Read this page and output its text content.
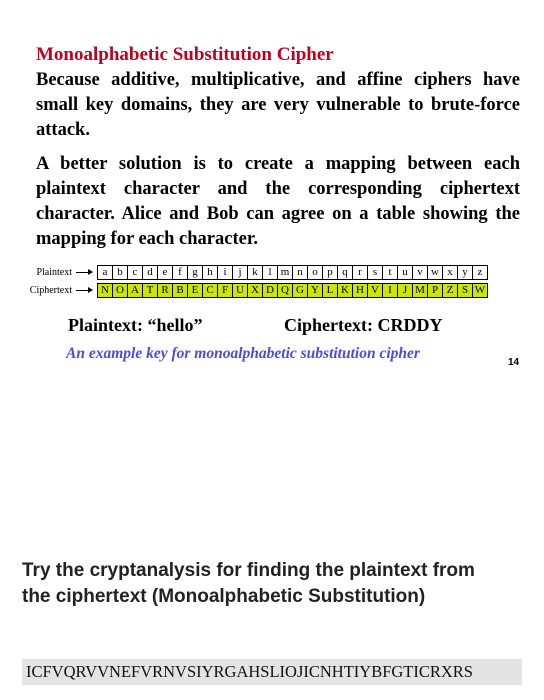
Monoalphabetic Substitution Cipher

Because additive, multiplicative, and affine ciphers have small key domains, they are very vulnerable to brute-force attack.

A better solution is to create a mapping between each plaintext character and the corresponding ciphertext character. Alice and Bob can agree on a table showing the mapping for each character.

Plaintext	a b c d e f g h i	j k l m n o p q r	s	t u v w x y z
Ciphertext	N O A T R B E C F U X D Q G Y L K H V I	J M P Z S W
Plaintext: “hello”	Ciphertext: CRDDY
An example key for monoalphabetic substitution cipher
14

Try the cryptanalysis for finding the plaintext from the ciphertext (Monoalphabetic Substitution)

ICFVQRVVNEFVRNVSIYRGAHSLIOJICNHTIYBFGTICRXRS
